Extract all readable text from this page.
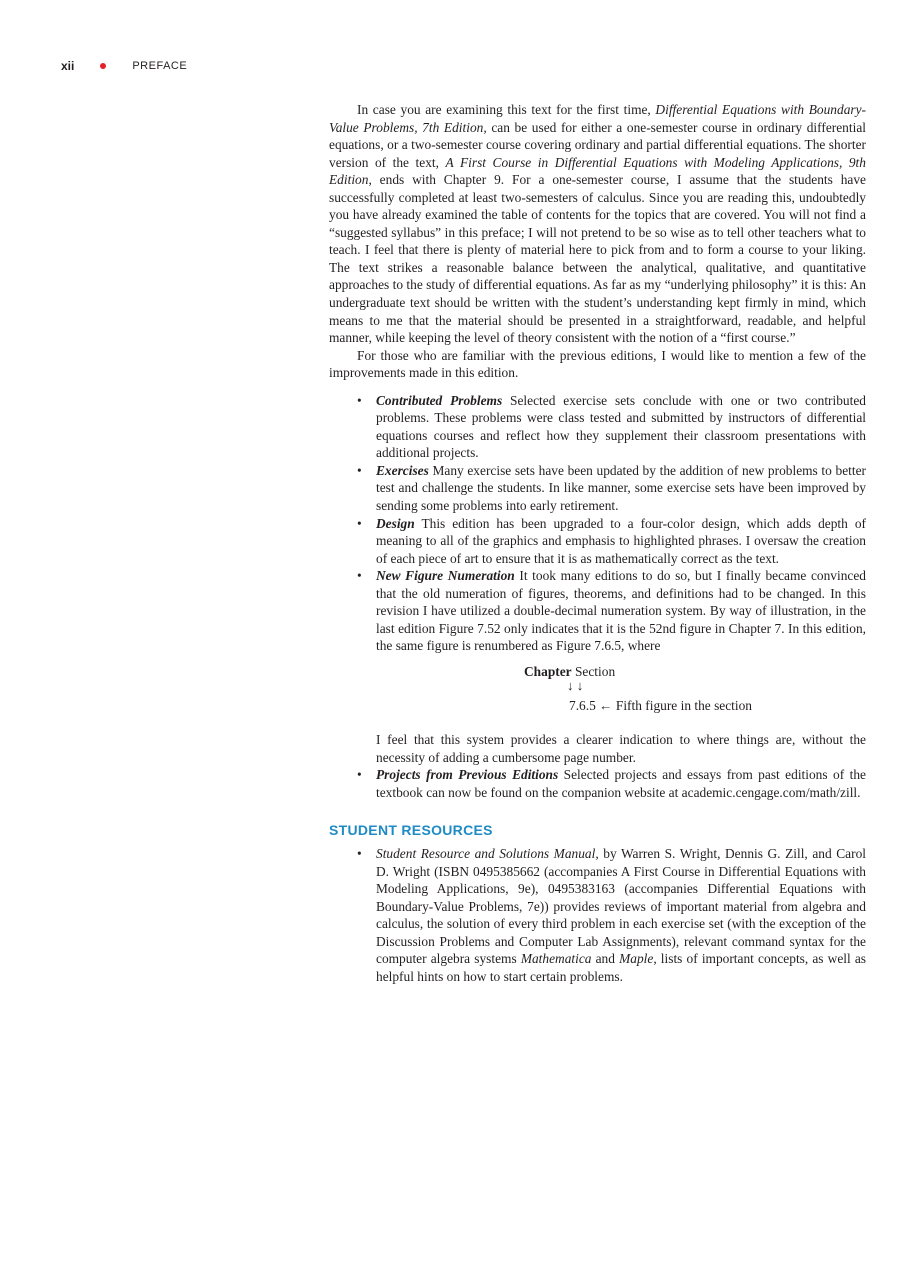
xii	PREFACE

In case you are examining this text for the first time, Differential Equations with Boundary-Value Problems, 7th Edition, can be used for either a one-semester course in ordinary differential equations, or a two-semester course covering ordinary and partial differential equations. The shorter version of the text, A First Course in Differential Equations with Modeling Applications, 9th Edition, ends with Chapter 9. For a one-semester course, I assume that the students have successfully completed at least two-semesters of calculus. Since you are reading this, undoubtedly you have already examined the table of contents for the topics that are covered. You will not find a “suggested syllabus” in this preface; I will not pretend to be so wise as to tell other teachers what to teach. I feel that there is plenty of material here to pick from and to form a course to your liking. The text strikes a reasonable balance between the analytical, qualitative, and quantitative approaches to the study of differential equations. As far as my “underlying philosophy” it is this: An undergraduate text should be written with the student’s understanding kept firmly in mind, which means to me that the material should be presented in a straightforward, readable, and helpful manner, while keeping the level of theory consistent with the notion of a “first course.”

For those who are familiar with the previous editions, I would like to mention a few of the improvements made in this edition.

• Contributed Problems Selected exercise sets conclude with one or two contributed problems. These problems were class tested and submitted by instructors of differential equations courses and reflect how they supplement their classroom presentations with additional projects.
• Exercises Many exercise sets have been updated by the addition of new problems to better test and challenge the students. In like manner, some exercise sets have been improved by sending some problems into early retirement.
• Design This edition has been upgraded to a four-color design, which adds depth of meaning to all of the graphics and emphasis to highlighted phrases. I oversaw the creation of each piece of art to ensure that it is as mathematically correct as the text.
• New Figure Numeration It took many editions to do so, but I finally became convinced that the old numeration of figures, theorems, and definitions had to be changed. In this revision I have utilized a double-decimal numeration system. By way of illustration, in the last edition Figure 7.52 only indicates that it is the 52nd figure in Chapter 7. In this edition, the same figure is renumbered as Figure 7.6.5, where
Chapter Section
↓ ↓
7.6.5 ← Fifth figure in the section
I feel that this system provides a clearer indication to where things are, without the necessity of adding a cumbersome page number.
• Projects from Previous Editions Selected projects and essays from past editions of the textbook can now be found on the companion website at academic.cengage.com/math/zill.
STUDENT RESOURCES
• Student Resource and Solutions Manual, by Warren S. Wright, Dennis G. Zill, and Carol D. Wright (ISBN 0495385662 (accompanies A First Course in Differential Equations with Modeling Applications, 9e), 0495383163 (accompanies Differential Equations with Boundary-Value Problems, 7e)) provides reviews of important material from algebra and calculus, the solution of every third problem in each exercise set (with the exception of the Discussion Problems and Computer Lab Assignments), relevant command syntax for the computer algebra systems Mathematica and Maple, lists of important concepts, as well as helpful hints on how to start certain problems.
